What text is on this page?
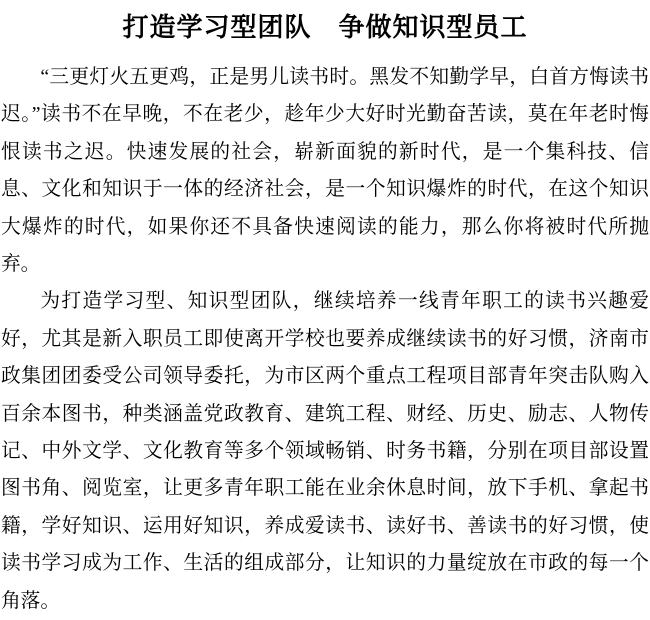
打造学习型团队　争做知识型员工

“三更灯火五更鸡，正是男儿读书时。黑发不知勤学早，白首方悔读书迟。”读书不在早晚，不在老少，趁年少大好时光勤奋苦读，莫在年老时悔恨读书之迟。快速发展的社会，崭新面貌的新时代，是一个集科技、信息、文化和知识于一体的经济社会，是一个知识爆炸的时代，在这个知识大爆炸的时代，如果你还不具备快速阅读的能力，那么你将被时代所抛弃。

为打造学习型、知识型团队，继续培养一线青年职工的读书兴趣爱好，尤其是新入职员工即使离开学校也要养成继续读书的好习惯，济南市政集团团委受公司领导委托，为市区两个重点工程项目部青年突击队购入百余本图书，种类涵盖党政教育、建筑工程、财经、历史、励志、人物传记、中外文学、文化教育等多个领域畅销、时务书籍，分别在项目部设置图书角、阅览室，让更多青年职工能在业余休息时间，放下手机、拿起书籍，学好知识、运用好知识，养成爱读书、读好书、善读书的好习惯，使读书学习成为工作、生活的组成部分，让知识的力量绽放在市政的每一个角落。
